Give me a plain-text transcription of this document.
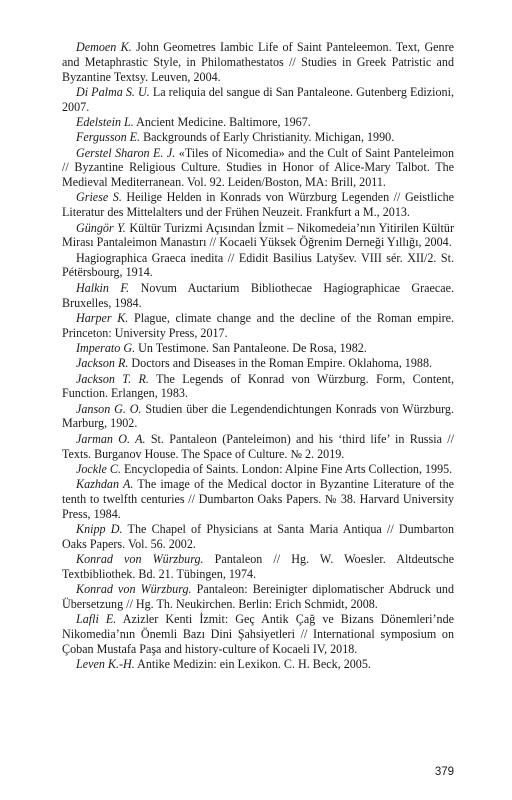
Demoen K. John Geometres Iambic Life of Saint Panteleemon. Text, Genre and Metaphrastic Style, in Philomathestatos // Studies in Greek Patristic and Byzantine Textsy. Leuven, 2004.

Di Palma S. U. La reliquia del sangue di San Pantaleone. Gutenberg Edizioni, 2007.

Edelstein L. Ancient Medicine. Baltimore, 1967.

Fergusson E. Backgrounds of Early Christianity. Michigan, 1990.

Gerstel Sharon E. J. «Tiles of Nicomedia» and the Cult of Saint Panteleimon // Byzantine Religious Culture. Studies in Honor of Alice-Mary Talbot. The Medieval Mediterranean. Vol. 92. Leiden/Boston, MA: Brill, 2011.

Griese S. Heilige Helden in Konrads von Würzburg Legenden // Geistliche Literatur des Mittelalters und der Frühen Neuzeit. Frankfurt a M., 2013.

Güngör Y. Kültür Turizmi Açısından İzmit – Nikomedeia’nın Yitirilen Kültür Mirası Pantaleimon Manastırı // Kocaeli Yüksek Öğrenim Derneği Yıllığı, 2004.

Hagiographica Graeca inedita // Edidit Basilius Latyšev. VIII sér. XII/2. St. Pétërsbourg, 1914.

Halkin F. Novum Auctarium Bibliothecae Hagiographicae Graecae. Bruxelles, 1984.

Harper K. Plague, climate change and the decline of the Roman empire. Princeton: University Press, 2017.

Imperato G. Un Testimone. San Pantaleone. De Rosa, 1982.

Jackson R. Doctors and Diseases in the Roman Empire. Oklahoma, 1988.

Jackson T. R. The Legends of Konrad von Würzburg. Form, Content, Function. Erlangen, 1983.

Janson G. O. Studien über die Legendendichtungen Konrads von Würzburg. Marburg, 1902.

Jarman O. A. St. Pantaleon (Panteleimon) and his ‘third life’ in Russia // Texts. Burganov House. The Space of Culture. № 2. 2019.

Jockle C. Encyclopedia of Saints. London: Alpine Fine Arts Collection, 1995.

Kazhdan A. The image of the Medical doctor in Byzantine Literature of the tenth to twelfth centuries // Dumbarton Oaks Papers. № 38. Harvard University Press, 1984.

Knipp D. The Chapel of Physicians at Santa Maria Antiqua // Dumbarton Oaks Papers. Vol. 56. 2002.

Konrad von Würzburg. Pantaleon // Hg. W. Woesler. Altdeutsche Textbibliothek. Bd. 21. Tübingen, 1974.

Konrad von Würzburg. Pantaleon: Bereinigter diplomatischer Abdruck und Übersetzung // Hg. Th. Neukirchen. Berlin: Erich Schmidt, 2008.

Lafli E. Azizler Kenti İzmit: Geç Antik Çağ ve Bizans Dönemleri’nde Nikomedia’nın Önemli Bazı Dini Şahsiyetleri // International symposium on Çoban Mustafa Paşa and history-culture of Kocaeli IV, 2018.

Leven K.-H. Antike Medizin: ein Lexikon. C. H. Beck, 2005.

379
